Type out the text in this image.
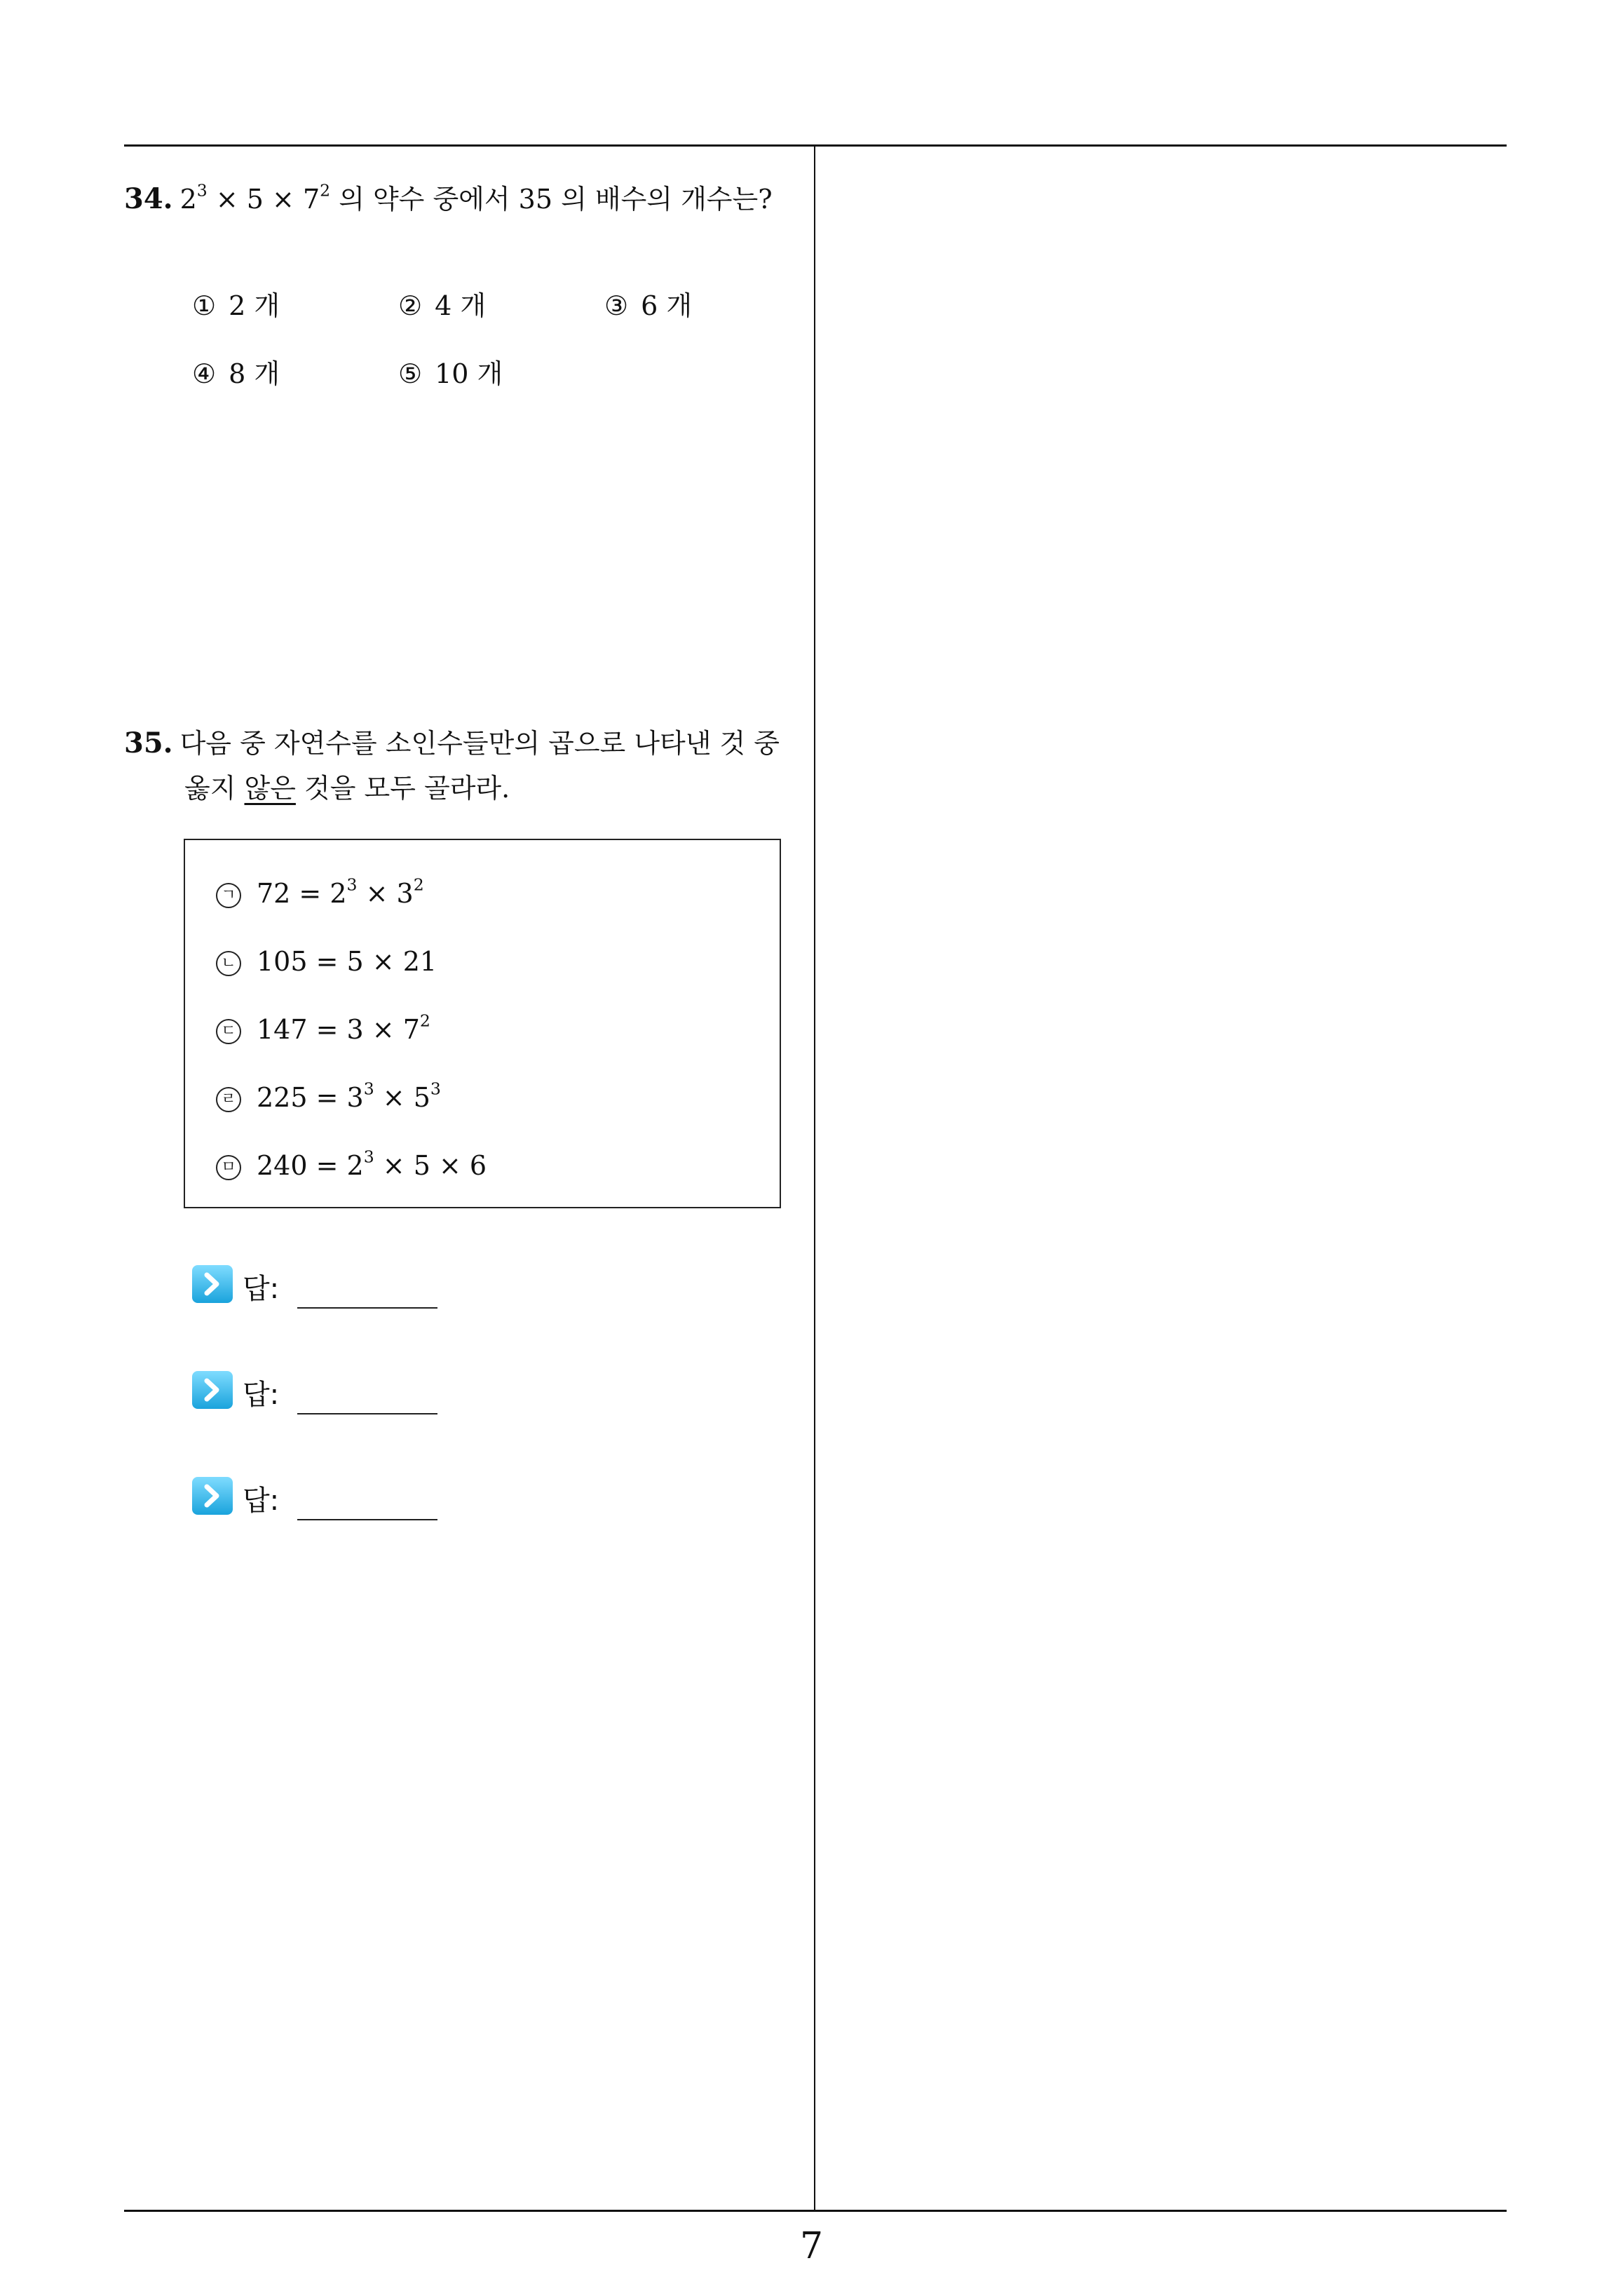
34. $2^3 \times 5 \times 7^2$ 의 약수 중에서 35 의 배수의 개수는?
① 2 개	② 4 개	③ 6 개
④ 8 개	⑤ 10 개
35. 다음 중 자연수를 소인수들만의 곱으로 나타낸 것 중
옳지 않은 것을 모두 골라라.
ㄱ $72 = 2^3 \times 3^2$
ㄴ 105 = 5 × 21
ㄷ $147 = 3 \times 7^2$
ㄹ $225 = 3^3 \times 5^3$
ㅁ $240 = 2^3 \times 5 \times 6$
답:
답:
답:
7
